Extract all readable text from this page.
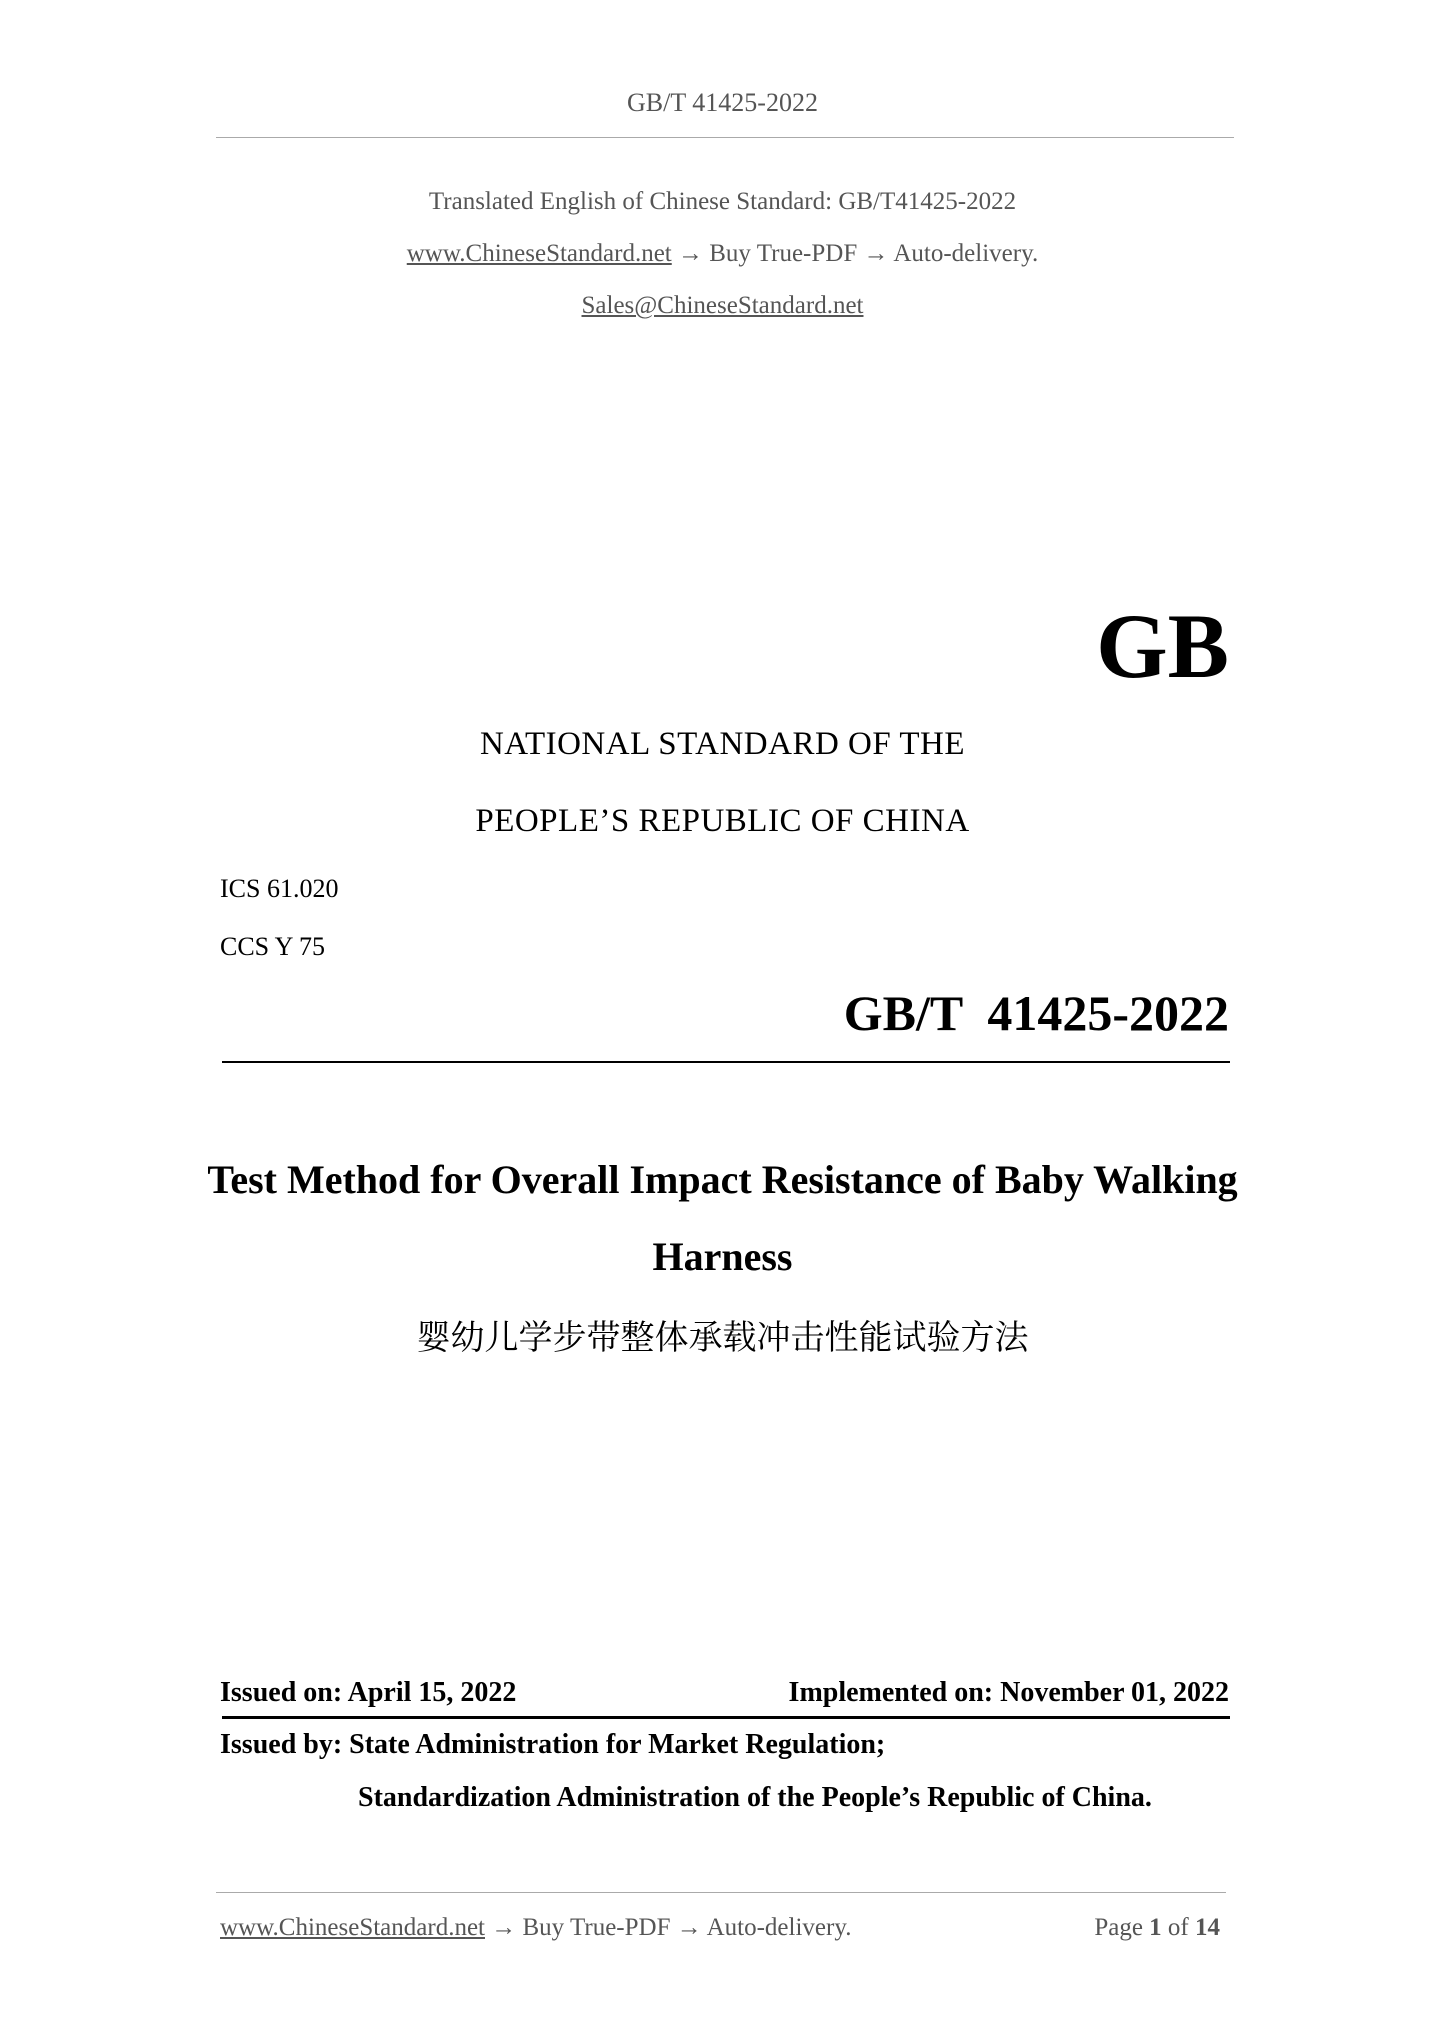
GB/T 41425-2022
Translated English of Chinese Standard: GB/T41425-2022
www.ChineseStandard.net → Buy True-PDF → Auto-delivery.
Sales@ChineseStandard.net
GB
NATIONAL STANDARD OF THE
PEOPLE’S REPUBLIC OF CHINA
ICS 61.020
CCS Y 75
GB/T  41425-2022
Test Method for Overall Impact Resistance of Baby Walking
Harness
婴幼儿学步带整体承载冲击性能试验方法
Issued on: April 15, 2022	Implemented on: November 01, 2022
Issued by: State Administration for Market Regulation;
Standardization Administration of the People’s Republic of China.
www.ChineseStandard.net → Buy True-PDF → Auto-delivery.	Page 1 of 14
